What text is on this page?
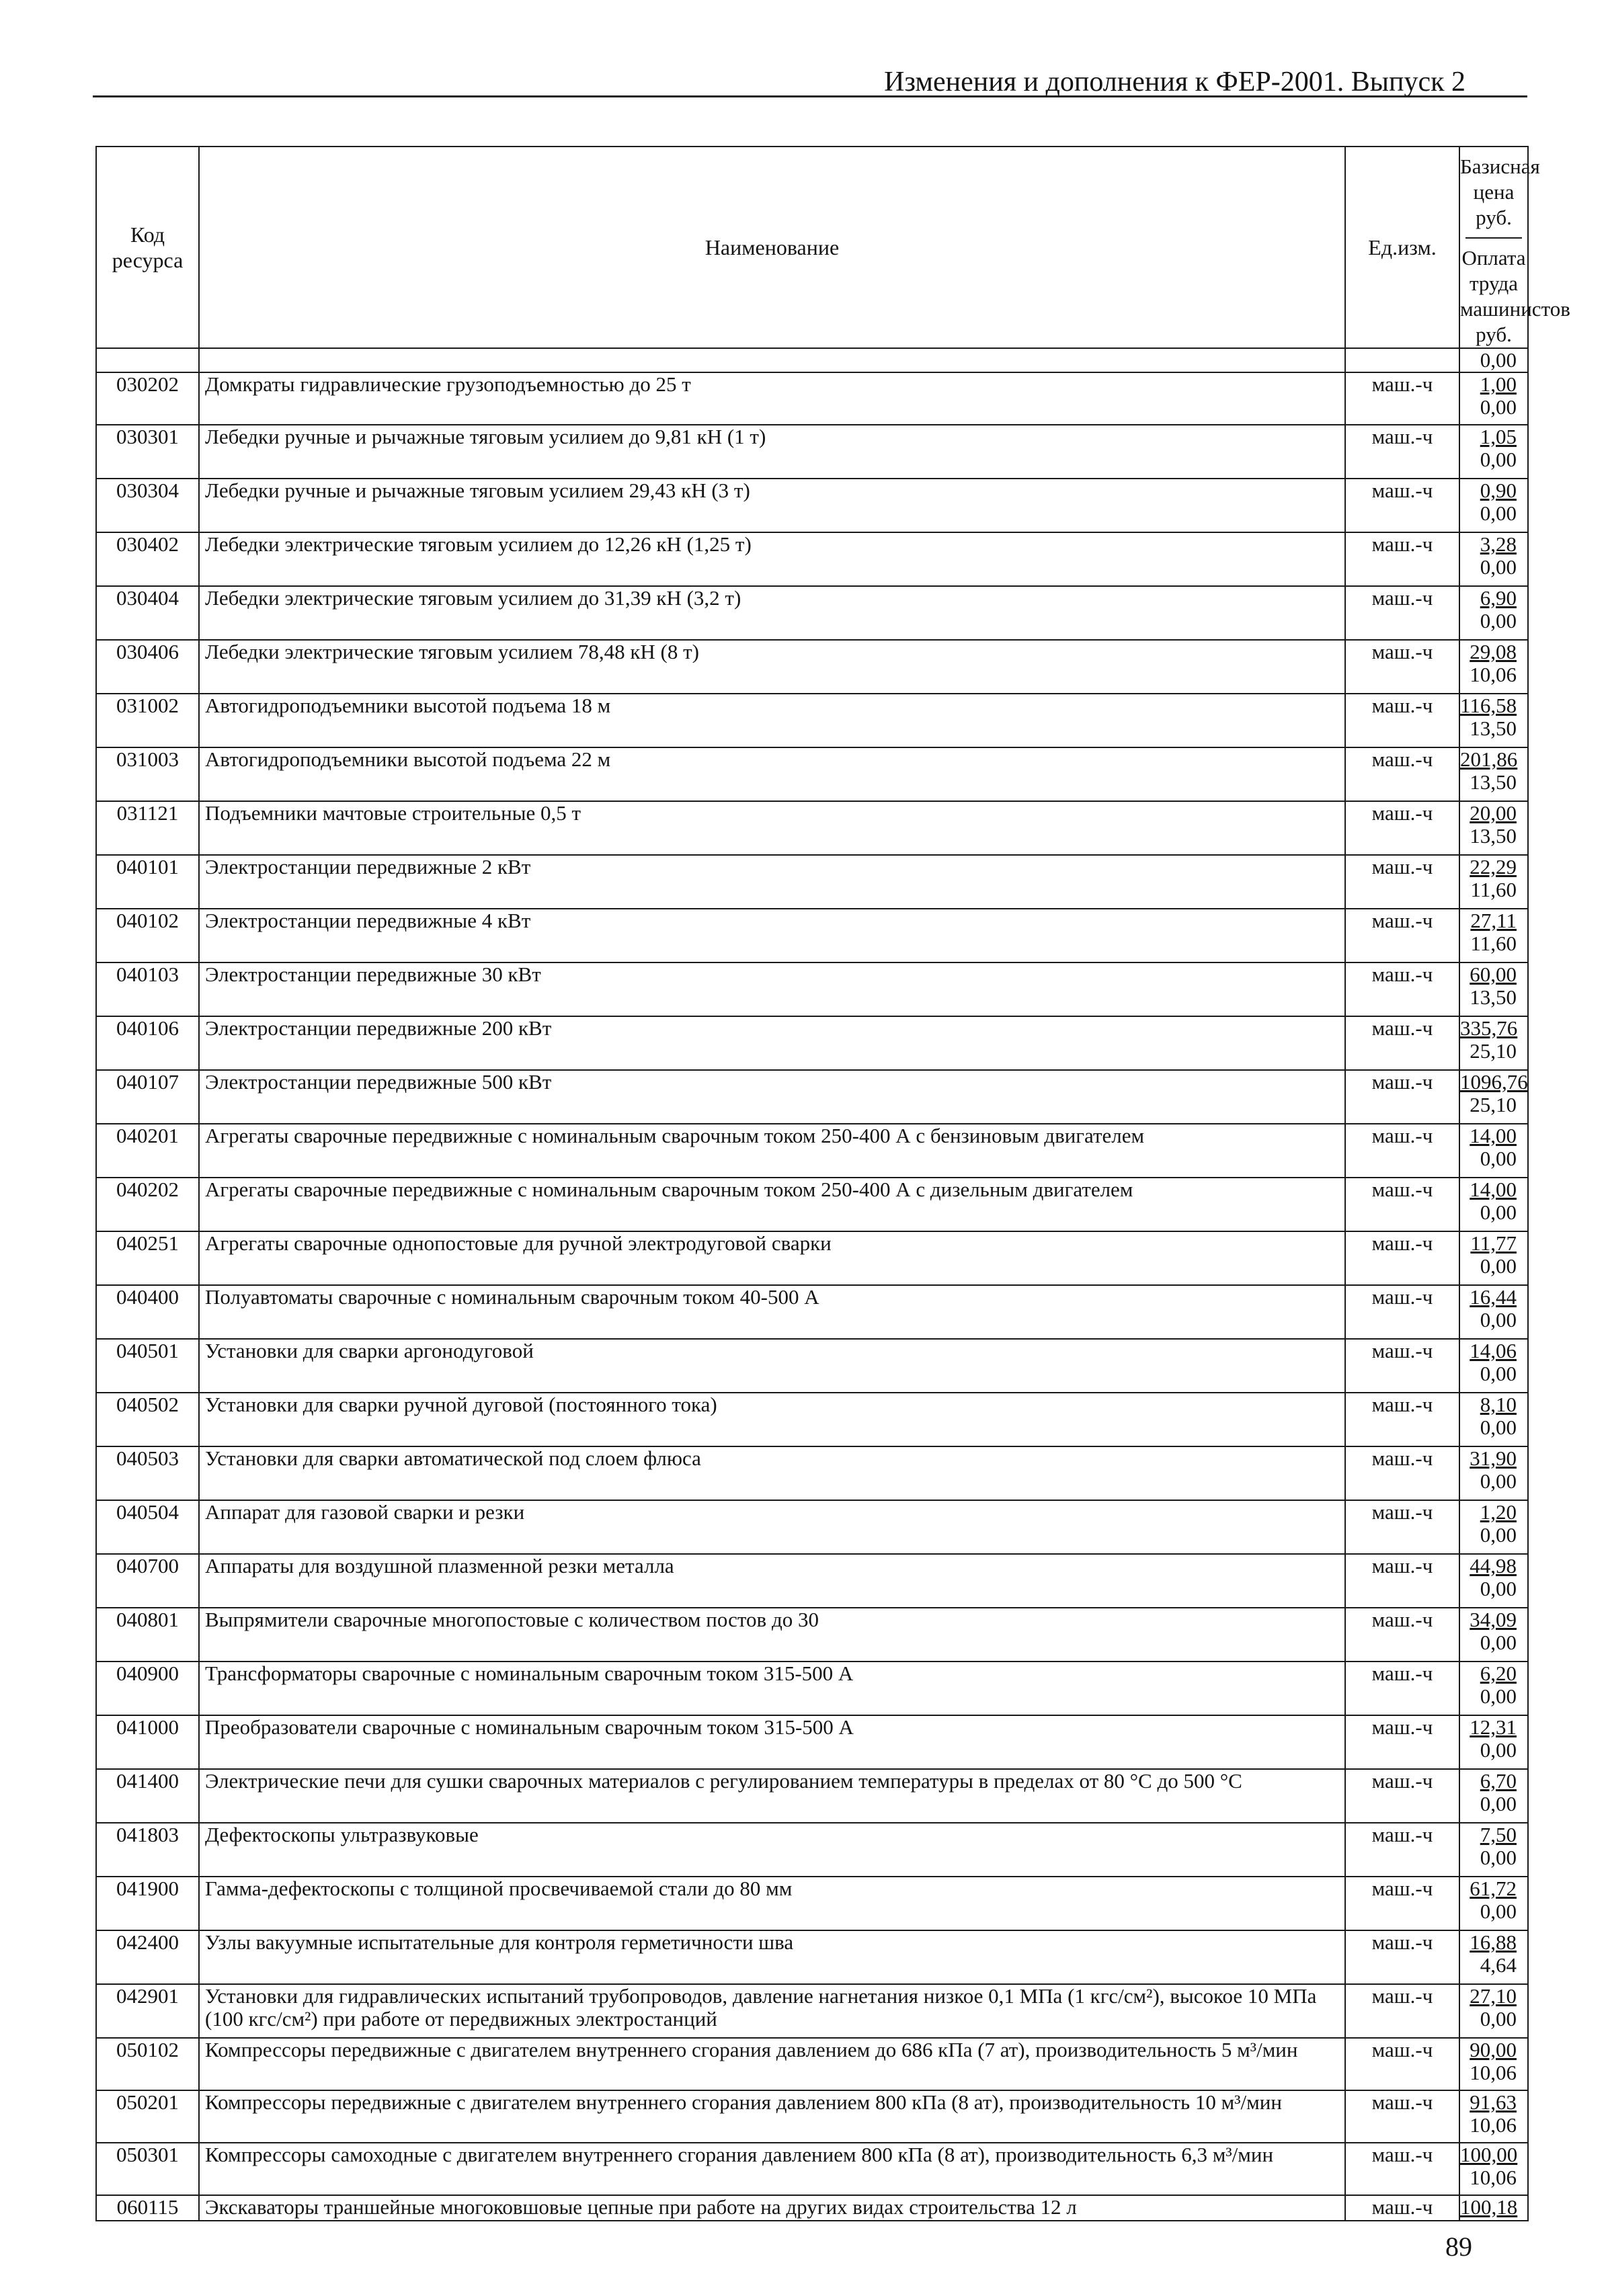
Изменения и дополнения к ФЕР-2001. Выпуск 2
Код ресурса	Наименование	Ед.изм.	Базисная цена руб.
Оплата труда машинистов руб.

			0,00
030202	Домкраты гидравлические грузоподъемностью до 25 т	маш.-ч	1,00
0,00

030301	Лебедки ручные и рычажные тяговым усилием до 9,81 кН (1 т)	маш.-ч	1,05
0,00

030304	Лебедки ручные и рычажные тяговым усилием 29,43 кН (3 т)	маш.-ч	0,90
0,00

030402	Лебедки электрические тяговым усилием до 12,26 кН (1,25 т)	маш.-ч	3,28
0,00

030404	Лебедки электрические тяговым усилием до 31,39 кН (3,2 т)	маш.-ч	6,90
0,00

030406	Лебедки электрические тяговым усилием 78,48 кН (8 т)	маш.-ч	29,08
10,06

031002	Автогидроподъемники высотой подъема 18 м	маш.-ч	116,58
13,50

031003	Автогидроподъемники высотой подъема 22 м	маш.-ч	201,86
13,50

031121	Подъемники мачтовые строительные 0,5 т	маш.-ч	20,00
13,50

040101	Электростанции передвижные 2 кВт	маш.-ч	22,29
11,60

040102	Электростанции передвижные 4 кВт	маш.-ч	27,11
11,60

040103	Электростанции передвижные 30 кВт	маш.-ч	60,00
13,50

040106	Электростанции передвижные 200 кВт	маш.-ч	335,76
25,10

040107	Электростанции передвижные 500 кВт	маш.-ч	1096,76
25,10

040201	Агрегаты сварочные передвижные с номинальным сварочным током 250-400 А с бензиновым двигателем	маш.-ч	14,00
0,00

040202	Агрегаты сварочные передвижные с номинальным сварочным током 250-400 А с дизельным двигателем	маш.-ч	14,00
0,00

040251	Агрегаты сварочные однопостовые для ручной электродуговой сварки	маш.-ч	11,77
0,00

040400	Полуавтоматы сварочные с номинальным сварочным током 40-500 А	маш.-ч	16,44
0,00

040501	Установки для сварки аргонодуговой	маш.-ч	14,06
0,00

040502	Установки для сварки ручной дуговой (постоянного тока)	маш.-ч	8,10
0,00

040503	Установки для сварки автоматической под слоем флюса	маш.-ч	31,90
0,00

040504	Аппарат для газовой сварки и резки	маш.-ч	1,20
0,00

040700	Аппараты для воздушной плазменной резки металла	маш.-ч	44,98
0,00

040801	Выпрямители сварочные многопостовые с количеством постов до 30	маш.-ч	34,09
0,00

040900	Трансформаторы сварочные с номинальным сварочным током 315-500 А	маш.-ч	6,20
0,00

041000	Преобразователи сварочные с номинальным сварочным током 315-500 А	маш.-ч	12,31
0,00

041400	Электрические печи для сушки сварочных материалов с регулированием температуры в пределах от 80 °С до 500 °С	маш.-ч	6,70
0,00

041803	Дефектоскопы ультразвуковые	маш.-ч	7,50
0,00

041900	Гамма-дефектоскопы с толщиной просвечиваемой стали до 80 мм	маш.-ч	61,72
0,00

042400	Узлы вакуумные испытательные для контроля герметичности шва	маш.-ч	16,88
4,64

042901	Установки для гидравлических испытаний трубопроводов, давление нагнетания низкое 0,1 МПа (1 кгс/см²), высокое 10 МПа (100 кгс/см²) при работе от передвижных электростанций	маш.-ч	27,10
0,00

050102	Компрессоры передвижные с двигателем внутреннего сгорания давлением до 686 кПа (7 ат), производительность 5 м³/мин	маш.-ч	90,00
10,06

050201	Компрессоры передвижные с двигателем внутреннего сгорания давлением 800 кПа (8 ат), производительность 10 м³/мин	маш.-ч	91,63
10,06

050301	Компрессоры самоходные с двигателем внутреннего сгорания давлением 800 кПа (8 ат), производительность 6,3 м³/мин	маш.-ч	100,00
10,06

060115	Экскаваторы траншейные многоковшовые цепные при работе на других видах строительства 12 л	маш.-ч	100,18
89
